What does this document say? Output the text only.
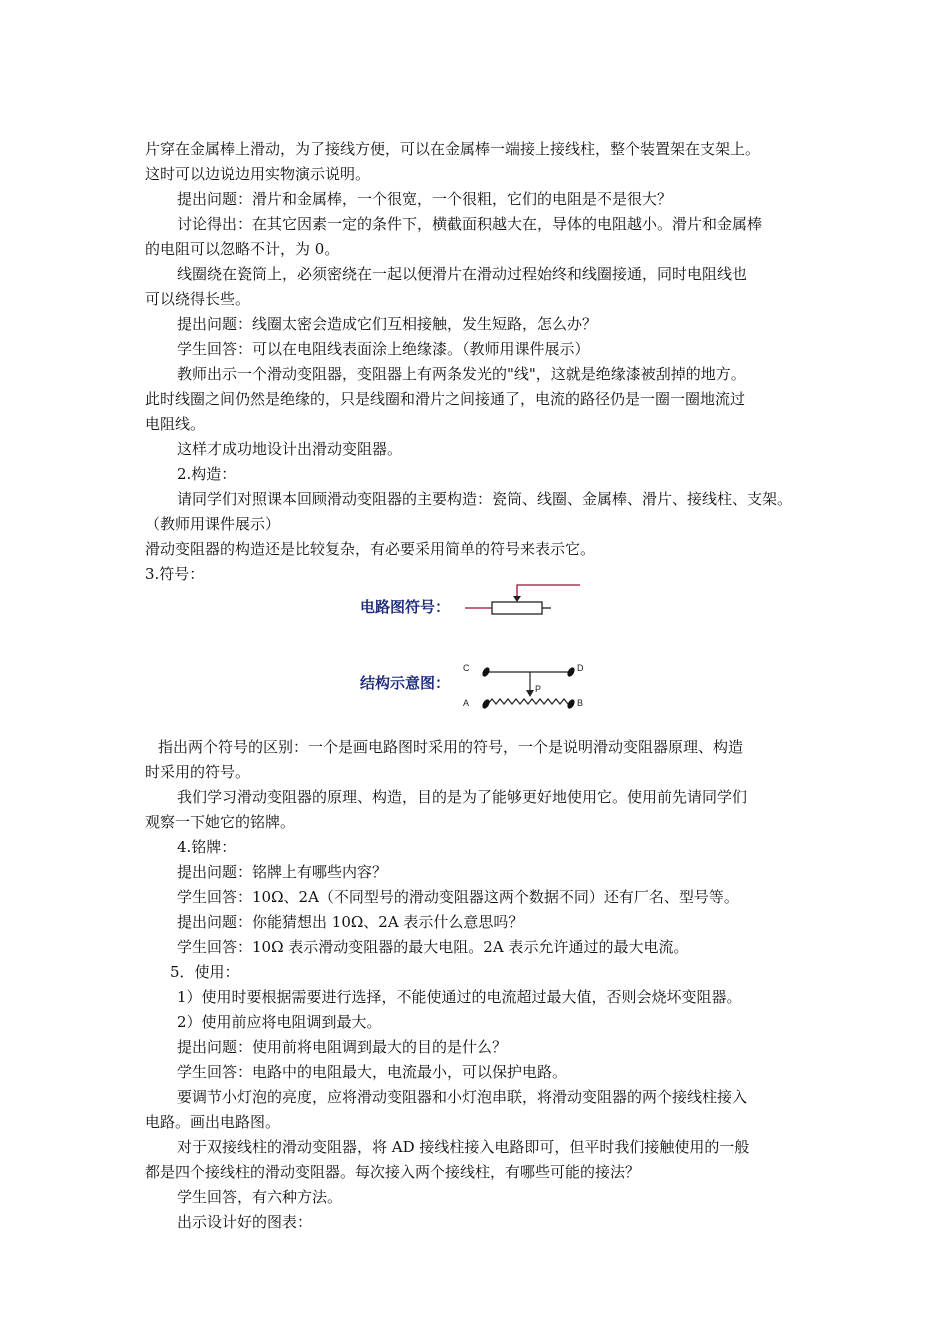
片穿在金属棒上滑动，为了接线方便，可以在金属棒一端接上接线柱，整个装置架在支架上。
这时可以边说边用实物演示说明。
提出问题：滑片和金属棒，一个很宽，一个很粗，它们的电阻是不是很大？
讨论得出：在其它因素一定的条件下，横截面积越大在，导体的电阻越小。滑片和金属棒
的电阻可以忽略不计，为 0。
线圈绕在瓷筒上，必须密绕在一起以便滑片在滑动过程始终和线圈接通，同时电阻线也
可以绕得长些。
提出问题：线圈太密会造成它们互相接触，发生短路，怎么办？
学生回答：可以在电阻线表面涂上绝缘漆。（教师用课件展示）
教师出示一个滑动变阻器，变阻器上有两条发光的"线"，这就是绝缘漆被刮掉的地方。
此时线圈之间仍然是绝缘的，只是线圈和滑片之间接通了，电流的路径仍是一圈一圈地流过
电阻线。
这样才成功地设计出滑动变阻器。
2.构造：
请同学们对照课本回顾滑动变阻器的主要构造：瓷筒、线圈、金属棒、滑片、接线柱、支架。
（教师用课件展示）
滑动变阻器的构造还是比较复杂，有必要采用简单的符号来表示它。
3.符号：
电路图符号：
结构示意图：
C	D
A	B
P
指出两个符号的区别：一个是画电路图时采用的符号，一个是说明滑动变阻器原理、构造
时采用的符号。
我们学习滑动变阻器的原理、构造，目的是为了能够更好地使用它。使用前先请同学们
观察一下她它的铭牌。
4.铭牌：
提出问题：铭牌上有哪些内容？
学生回答：10Ω、2A（不同型号的滑动变阻器这两个数据不同）还有厂名、型号等。
提出问题：你能猜想出 10Ω、2A 表示什么意思吗？
学生回答：10Ω 表示滑动变阻器的最大电阻。2A 表示允许通过的最大电流。
5．使用：
1）使用时要根据需要进行选择，不能使通过的电流超过最大值，否则会烧坏变阻器。
2）使用前应将电阻调到最大。
提出问题：使用前将电阻调到最大的目的是什么？
学生回答：电路中的电阻最大，电流最小，可以保护电路。
要调节小灯泡的亮度，应将滑动变阻器和小灯泡串联，将滑动变阻器的两个接线柱接入
电路。画出电路图。
对于双接线柱的滑动变阻器，将 AD 接线柱接入电路即可，但平时我们接触使用的一般
都是四个接线柱的滑动变阻器。每次接入两个接线柱，有哪些可能的接法？
学生回答，有六种方法。
出示设计好的图表：
